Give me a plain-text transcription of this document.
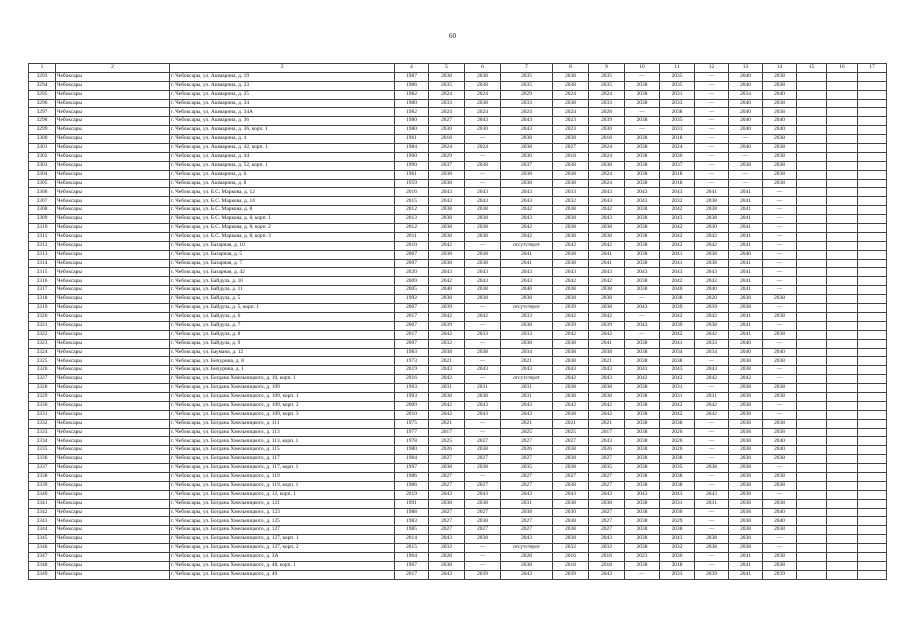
60
1	2	3	4	5	6	7	8	9	10	11	12	13	14	15	16	17
3293	Чебоксары	г. Чебоксары, ул. Ашмарина, д. 19	1987	2038	2038	2035	2038	2035	—	2035	—	2040	2038			
3294	Чебоксары	г. Чебоксары, ул. Ашмарина, д. 23	1986	2035	2038	2035	2038	2035	2038	2035	—	2040	2038			
3295	Чебоксары	г. Чебоксары, ул. Ашмарина, д. 25	1982	2024	2024	2029	2024	2024	2038	2031	—	2034	2040			
3296	Чебоксары	г. Чебоксары, ул. Ашмарина, д. 34	1980	2033	2038	2033	2038	2033	2038	2033	—	2040	2038			
3297	Чебоксары	г. Чебоксары, ул. Ашмарина, д. 34А	1982	2024	2024	2024	2024	2028	—	2038	—	2040	2038			
3298	Чебоксары	г. Чебоксары, ул. Ашмарина, д. 36	1980	2027	2043	2043	2023	2039	2038	2035	—	2040	2040			
3299	Чебоксары	г. Чебоксары, ул. Ашмарина, д. 36, корп. 1	1980	2030	2030	2043	2023	2030	—	2031	—	2040	2040			
3300	Чебоксары	г. Чебоксары, ул. Ашмарина, д. 4	1961	2018	—	2038	2038	2018	2038	2018	—	—	2038			
3301	Чебоксары	г. Чебоксары, ул. Ашмарина, д. 42, корп. 1	1984	2024	2024	2038	2027	2024	2038	2024	—	2040	2038			
3302	Чебоксары	г. Чебоксары, ул. Ашмарина, д. 44	1960	2029	—	2030	2018	2024	2038	2030	—	—	2038			
3303	Чебоксары	г. Чебоксары, ул. Ашмарина, д. 52, корп. 1	1990	2037	2038	2037	2038	2038	2038	2037	—	2038	2038			
3304	Чебоксары	г. Чебоксары, ул. Ашмарина, д. 6	1961	2038	—	2038	2038	2024	2038	2018	—	—	2038			
3305	Чебоксары	г. Чебоксары, ул. Ашмарина, д. 8	1959	2038	—	2038	2038	2024	2038	2018	—	—	2038			
3306	Чебоксары	г. Чебоксары, ул. Б.С. Маркова, д. 12	2016	2043	2043	2043	2033	2043	2043	2043	2041	2041	—			
3307	Чебоксары	г. Чебоксары, ул. Б.С. Маркова, д. 14	2015	2043	2043	2043	2032	2043	2043	2032	2038	2041	—			
3308	Чебоксары	г. Чебоксары, ул. Б.С. Маркова, д. 8	2012	2038	2038	2042	2038	2042	2038	2042	2038	2041	—			
3309	Чебоксары	г. Чебоксары, ул. Б.С. Маркова, д. 8, корп. 1	2013	2038	2038	2043	2038	2043	2038	2043	2038	2041	—			
3310	Чебоксары	г. Чебоксары, ул. Б.С. Маркова, д. 8, корп. 2	2012	2038	2038	2042	2038	2038	2038	2042	2030	2041	—			
3311	Чебоксары	г. Чебоксары, ул. Б.С. Маркова, д. 8, корп. 3	2011	2038	2038	2042	2038	2038	2038	2042	2042	2041	—			
3312	Чебоксары	г. Чебоксары, ул. Базарная, д. 10	2010	2042	—	отсутствует	2042	2042	2038	2042	2042	2041	—			
3313	Чебоксары	г. Чебоксары, ул. Базарная, д. 5	2007	2038	2038	2041	2038	2041	2038	2041	2038	2040	—			
3314	Чебоксары	г. Чебоксары, ул. Базарная, д. 7	2007	2038	2038	2041	2038	2041	2038	2041	2038	2041	—			
3315	Чебоксары	г. Чебоксары, ул. Базарная, д. 42	2020	2043	2043	2043	2043	2043	2043	2043	2043	2041	—			
3316	Чебоксары	г. Чебоксары, ул. Байдула, д. 10	2009	2042	2043	2043	2042	2042	2038	2042	2042	2041	—			
3317	Чебоксары	г. Чебоксары, ул. Байдула, д. 11	2005	2040	2038	2040	2038	2038	2038	2040	2040	2041	—			
3318	Чебоксары	г. Чебоксары, ул. Байдула, д. 5	1992	2038	2038	2038	2038	2038	—	2038	2020	2038	2038			
3319	Чебоксары	г. Чебоксары, ул. Байдула, д. 5, корп. 1	2007	2039	—	отсутствует	2039	2038	2043	2039	2039	2038	—			
3320	Чебоксары	г. Чебоксары, ул. Байдула, д. 6	2017	2042	2042	2033	2042	2042	—	2042	2042	2041	2038			
3321	Чебоксары	г. Чебоксары, ул. Байдула, д. 7	2007	2039	—	2038	2039	2039	2043	2039	2038	2041	—			
3322	Чебоксары	г. Чебоксары, ул. Байдула, д. 8	2017	2042	2033	2033	2042	2042	—	2042	2042	2041	2038			
3323	Чебоксары	г. Чебоксары, ул. Байдула, д. 9	2007	2032	—	2038	2038	2041	2038	2041	2033	2040	—			
3324	Чебоксары	г. Чебоксары, ул. Баумана, д. 12	1983	2038	2038	2034	2038	2038	2038	2034	2034	2040	2040			
3325	Чебоксары	г. Чебоксары, ул. Бичурина, д. 8	1973	2021	—	2021	2038	2021	2038	2038	—	2038	2038			
3326	Чебоксары	г. Чебоксары, ул. Бичурина, д. 1	2019	2043	2043	2043	2043	2043	2043	2043	2043	2038	—			
3327	Чебоксары	г. Чебоксары, ул. Богдана Хмельницкого, д. 10, корп. 1	2016	2042	—	отсутствует	2042	2043	2042	2042	2042	2042	—			
3328	Чебоксары	г. Чебоксары, ул. Богдана Хмельницкого, д. 109	1993	2031	2031	2031	2038	2038	2038	2031	—	2038	2038			
3329	Чебоксары	г. Чебоксары, ул. Богдана Хмельницкого, д. 109, корп. 1	1993	2038	2038	2031	2038	2038	2038	2031	2031	2038	2038			
3330	Чебоксары	г. Чебоксары, ул. Богдана Хмельницкого, д. 109, корп. 2	2009	2042	2043	2043	2042	2042	2038	2042	2042	2038	—			
3331	Чебоксары	г. Чебоксары, ул. Богдана Хмельницкого, д. 109, корп. 3	2010	2042	2043	2043	2038	2042	2038	2042	2042	2038	—			
3332	Чебоксары	г. Чебоксары, ул. Богдана Хмельницкого, д. 111	1975	2021	—	2021	2021	2021	2038	2038	—	2038	2038			
3333	Чебоксары	г. Чебоксары, ул. Богдана Хмельницкого, д. 113	1977	2017	—	2025	2025	2017	2038	2026	—	2038	2038			
3334	Чебоксары	г. Чебоксары, ул. Богдана Хмельницкого, д. 113, корп. 1	1978	2025	2027	2027	2027	2043	2038	2026	—	2038	2040			
3335	Чебоксары	г. Чебоксары, ул. Богдана Хмельницкого, д. 115	1980	2026	2038	2026	2038	2026	2038	2026	—	2038	2040			
3336	Чебоксары	г. Чебоксары, ул. Богдана Хмельницкого, д. 117	1984	2027	2027	2027	2038	2027	2038	2038	—	2038	2038			
3337	Чебоксары	г. Чебоксары, ул. Богдана Хмельницкого, д. 117, корп. 1	1997	2038	2038	2035	2038	2035	2038	2035	2038	2038	—			
3338	Чебоксары	г. Чебоксары, ул. Богдана Хмельницкого, д. 119	1986	2027	—	2027	2027	2027	2038	2038	—	2038	2038			
3339	Чебоксары	г. Чебоксары, ул. Богдана Хмельницкого, д. 119, корп. 1	1986	2027	2027	2027	2038	2027	2038	2038	—	2038	2038			
3340	Чебоксары	г. Чебоксары, ул. Богдана Хмельницкого, д. 12, корп. 1	2019	2043	2043	2043	2043	2043	2043	2043	2043	2038	—			
3341	Чебоксары	г. Чебоксары, ул. Богдана Хмельницкого, д. 121	1991	2038	2038	2031	2038	2038	2038	2031	2031	2038	2038			
3342	Чебоксары	г. Чебоксары, ул. Богдана Хмельницкого, д. 123	1988	2027	2027	2038	2030	2027	2038	2030	—	2038	2040			
3343	Чебоксары	г. Чебоксары, ул. Богдана Хмельницкого, д. 125	1983	2027	2038	2027	2038	2027	2038	2029	—	2038	2040			
3344	Чебоксары	г. Чебоксары, ул. Богдана Хмельницкого, д. 127	1985	2027	2027	2027	2038	2027	2038	2038	—	2038	2038			
3345	Чебоксары	г. Чебоксары, ул. Богдана Хмельницкого, д. 127, корп. 1	2014	2043	2038	2043	2038	2043	2038	2043	2038	2038	—			
3346	Чебоксары	г. Чебоксары, ул. Богдана Хмельницкого, д. 127, корп. 2	2015	2032	—	отсутствует	2032	2032	2038	2032	2038	2038	—			
3347	Чебоксары	г. Чебоксары, ул. Богдана Хмельницкого, д. 3А	1964	2028	—	2028	2016	2016	2023	2030	—	2041	2038			
3348	Чебоксары	г. Чебоксары, ул. Богдана Хмельницкого, д. 48, корп. 1	1967	2038	—	2038	2018	2018	2038	2018	—	2041	2038			
3349	Чебоксары	г. Чебоксары, ул. Богдана Хмельницкого, д. 49	2017	2043	2039	2043	2039	2043	—	2033	2039	2041	2039			
